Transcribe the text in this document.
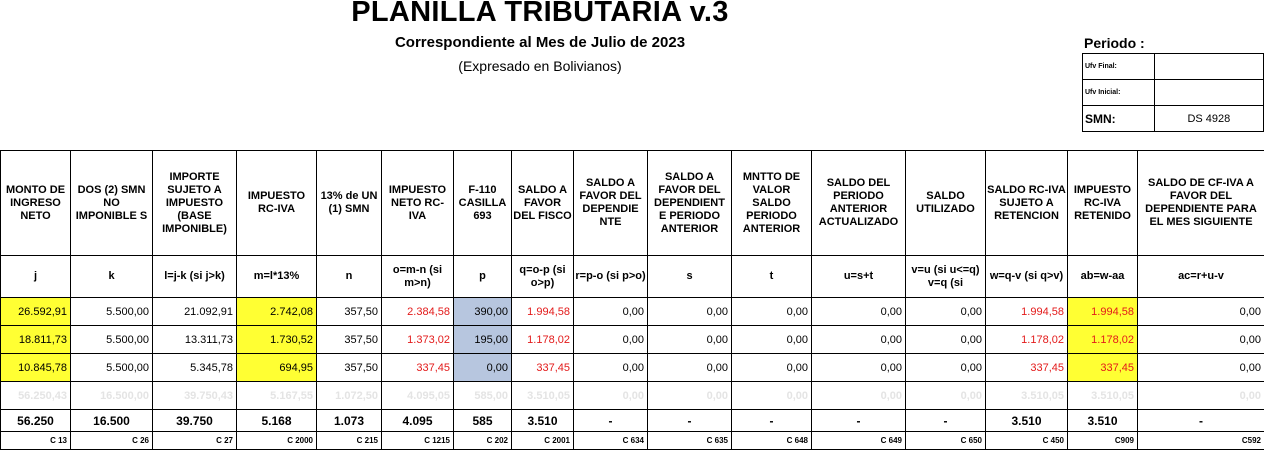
PLANILLA TRIBUTARIA v.3
Correspondiente al Mes de Julio de 2023
(Expresado en Bolivianos)
Periodo :
Ufv Final:	
Ufv Inicial:	
SMN:	DS 4928
MONTO DE INGRESO NETO	DOS (2) SMN NO IMPONIBLE S	IMPORTE SUJETO A IMPUESTO (BASE IMPONIBLE)	IMPUESTO RC-IVA	13% de UN (1) SMN	IMPUESTO NETO RC-IVA	F-110 CASILLA 693	SALDO A FAVOR DEL FISCO	SALDO A FAVOR DEL DEPENDIE NTE	SALDO A FAVOR DEL DEPENDIENT E PERIODO ANTERIOR	MNTTO DE VALOR SALDO PERIODO ANTERIOR	SALDO DEL PERIODO ANTERIOR ACTUALIZADO	SALDO UTILIZADO	SALDO RC-IVA SUJETO A RETENCION	IMPUESTO RC-IVA RETENIDO	SALDO DE CF-IVA A FAVOR DEL DEPENDIENTE PARA EL MES SIGUIENTE
j	k	l=j-k (si j>k)	m=l*13%	n	o=m-n (si m>n)	p	q=o-p (si o>p)	r=p-o (si p>o)	s	t	u=s+t	v=u (si u<=q) v=q (si	w=q-v (si q>v)	ab=w-aa	ac=r+u-v
26.592,91	5.500,00	21.092,91	2.742,08	357,50	2.384,58	390,00	1.994,58	0,00	0,00	0,00	0,00	0,00	1.994,58	1.994,58	0,00
18.811,73	5.500,00	13.311,73	1.730,52	357,50	1.373,02	195,00	1.178,02	0,00	0,00	0,00	0,00	0,00	1.178,02	1.178,02	0,00
10.845,78	5.500,00	5.345,78	694,95	357,50	337,45	0,00	337,45	0,00	0,00	0,00	0,00	0,00	337,45	337,45	0,00
56.250,43	16.500,00	39.750,43	5.167,55	1.072,50	4.095,05	585,00	3.510,05	0,00	0,00	0,00	0,00	0,00	3.510,05	3.510,05	0,00
56.250	16.500	39.750	5.168	1.073	4.095	585	3.510	-	-	-	-	-	3.510	3.510	-
C 13	C 26	C 27	C 2000	C 215	C 1215	C 202	C 2001	C 634	C 635	C 648	C 649	C 650	C 450	C909	C592
